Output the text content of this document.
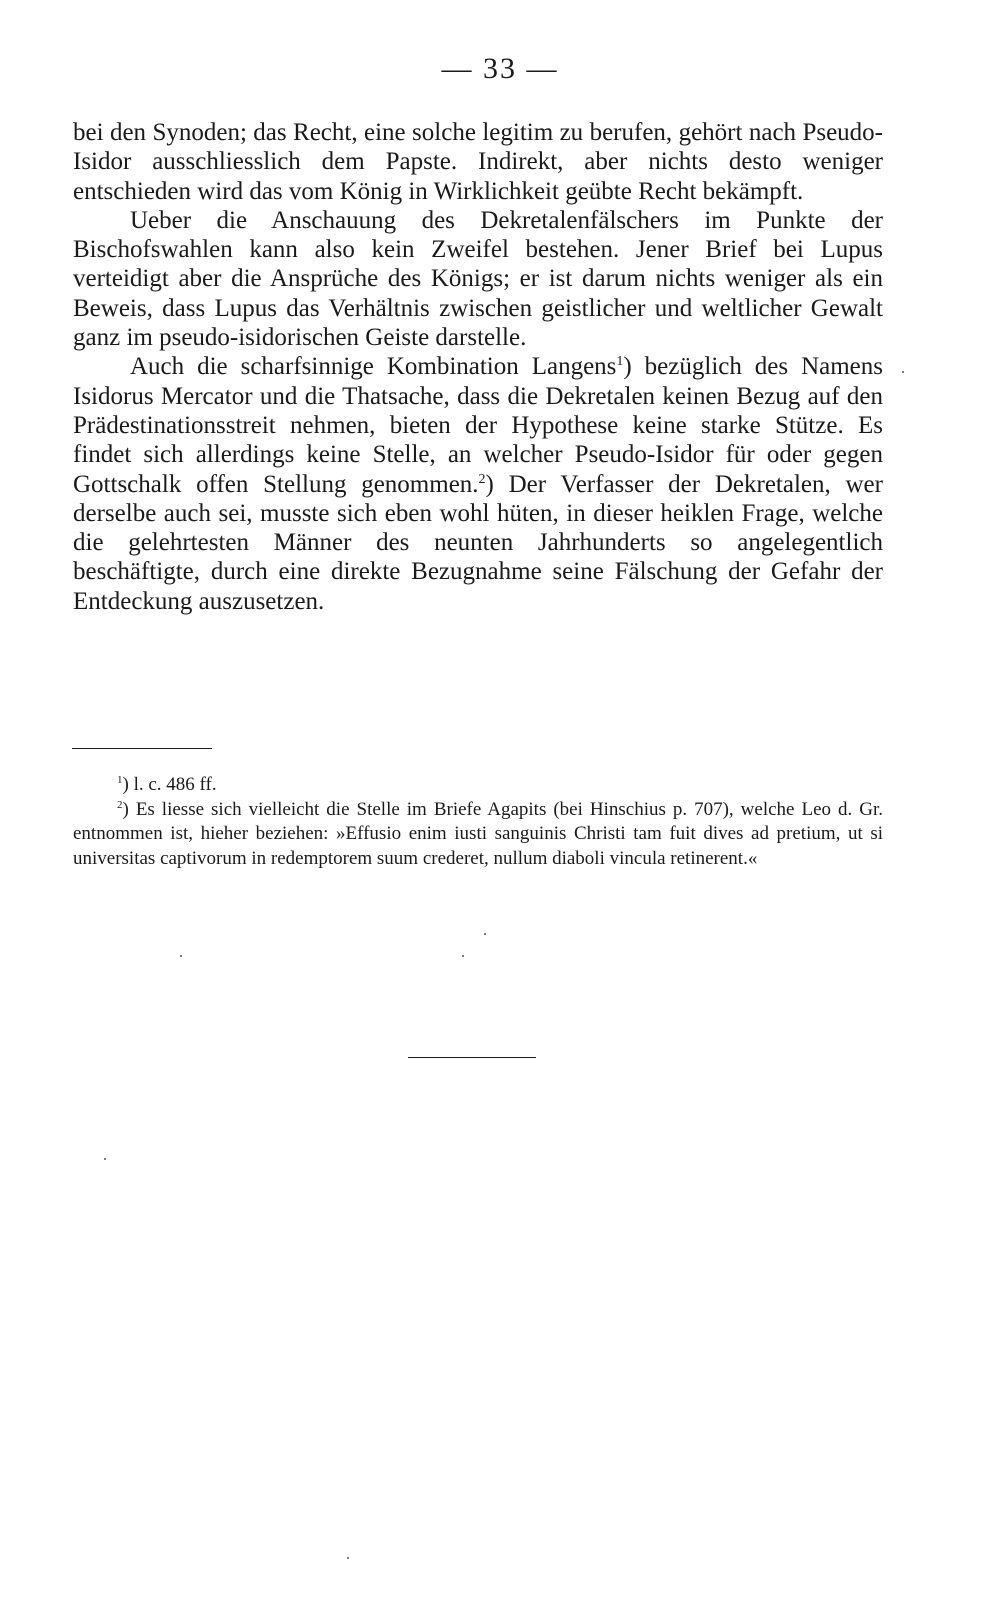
— 33 —

bei den Synoden; das Recht, eine solche legitim zu berufen, gehört nach Pseudo-Isidor ausschliesslich dem Papste. Indirekt, aber nichts desto weniger entschieden wird das vom König in Wirklichkeit geübte Recht bekämpft.

Ueber die Anschauung des Dekretalenfälschers im Punkte der Bischofswahlen kann also kein Zweifel bestehen. Jener Brief bei Lupus verteidigt aber die Ansprüche des Königs; er ist darum nichts weniger als ein Beweis, dass Lupus das Verhältnis zwischen geistlicher und weltlicher Gewalt ganz im pseudo-isidorischen Geiste darstelle.

Auch die scharfsinnige Kombination Langens$^1$) bezüglich des Namens Isidorus Mercator und die Thatsache, dass die Dekretalen keinen Bezug auf den Prädestinationsstreit nehmen, bieten der Hypothese keine starke Stütze. Es findet sich allerdings keine Stelle, an welcher Pseudo-Isidor für oder gegen Gottschalk offen Stellung genommen.$^2$) Der Verfasser der Dekretalen, wer derselbe auch sei, musste sich eben wohl hüten, in dieser heiklen Frage, welche die gelehrtesten Männer des neunten Jahrhunderts so angelegentlich beschäftigte, durch eine direkte Bezugnahme seine Fälschung der Gefahr der Entdeckung auszusetzen.

$^1$) l. c. 486 ff.

$^2$) Es liesse sich vielleicht die Stelle im Briefe Agapits (bei Hinschius p. 707), welche Leo d. Gr. entnommen ist, hieher beziehen: »Effusio enim iusti sanguinis Christi tam fuit dives ad pretium, ut si universitas captivorum in redemptorem suum crederet, nullum diaboli vincula retinerent.«
